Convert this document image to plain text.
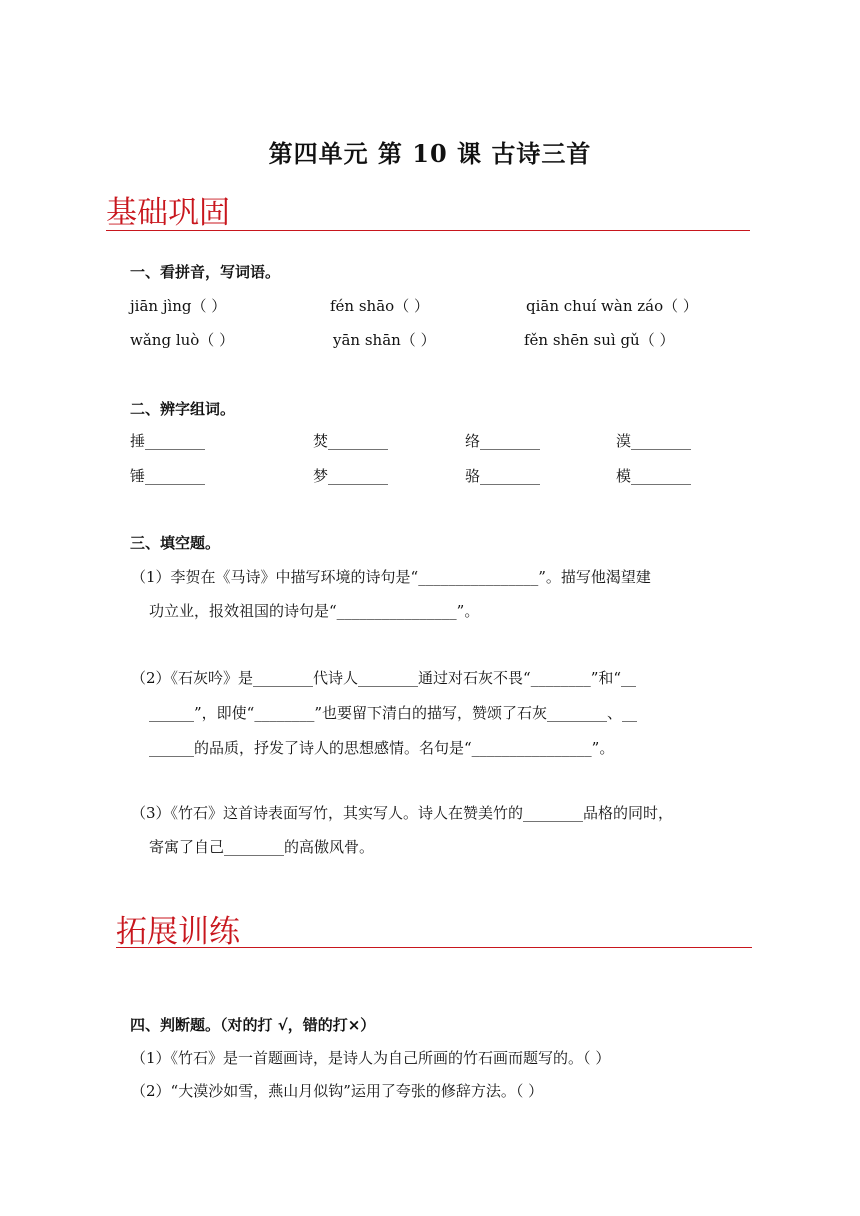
第四单元 第 10 课 古诗三首
基础巩固
一、看拼音，写词语。
jiān jìng（ ）	fén shāo（ ）	qiān chuí wàn záo（ ）
wǎng luò（ ）	yān shān（ ）	fěn shēn suì gǔ（ ）
二、辨字组词。
捶________	焚________	络________	漠________
锤________	梦________	骆________	模________
三、填空题。
（1）李贺在《马诗》中描写环境的诗句是“________________”。描写他渴望建
功立业，报效祖国的诗句是“________________”。
（2）《石灰吟》是________代诗人________通过对石灰不畏“________”和“__
______”，即使“________”也要留下清白的描写，赞颂了石灰________、__
______的品质，抒发了诗人的思想感情。名句是“________________”。
（3）《竹石》这首诗表面写竹，其实写人。诗人在赞美竹的________品格的同时，
寄寓了自己________的高傲风骨。
拓展训练
四、判断题。（对的打 √，错的打×）
（1）《竹石》是一首题画诗，是诗人为自己所画的竹石画而题写的。（ ）
（2）“大漠沙如雪，燕山月似钩”运用了夸张的修辞方法。（ ）
